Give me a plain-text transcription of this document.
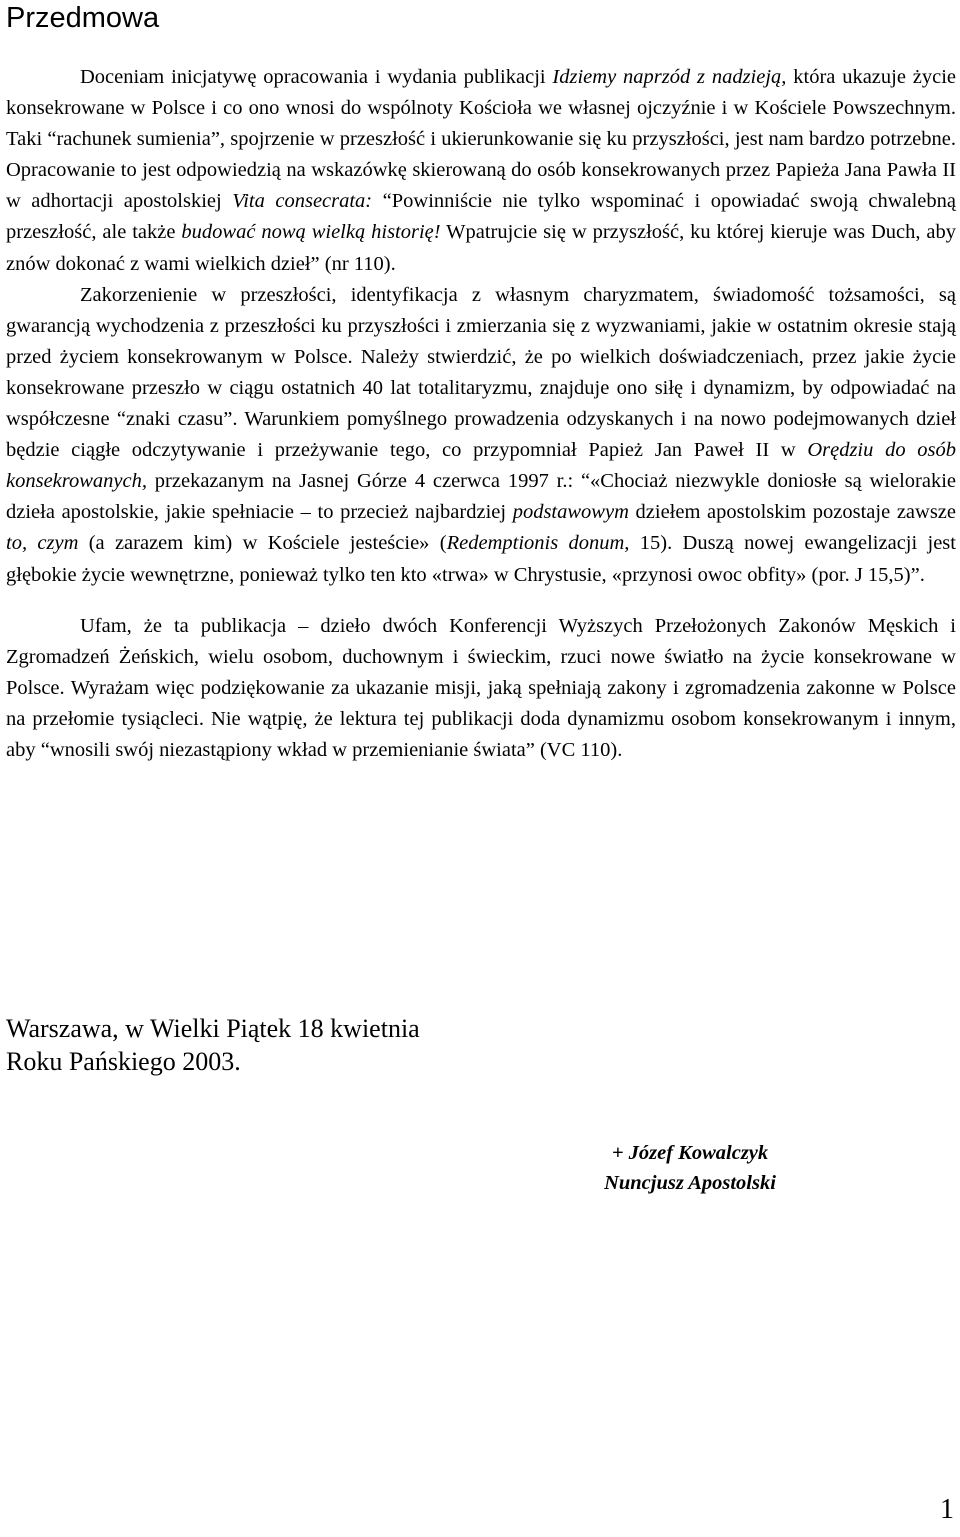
Przedmowa

Doceniam inicjatywę opracowania i wydania publikacji Idziemy naprzód z nadzieją, która ukazuje życie konsekrowane w Polsce i co ono wnosi do wspólnoty Kościoła we własnej ojczyźnie i w Kościele Powszechnym. Taki “rachunek sumienia”, spojrzenie w przeszłość i ukierunkowanie się ku przyszłości, jest nam bardzo potrzebne. Opracowanie to jest odpowiedzią na wskazówkę skierowaną do osób konsekrowanych przez Papieża Jana Pawła II w adhortacji apostolskiej Vita consecrata: “Powinniście nie tylko wspominać i opowiadać swoją chwalebną przeszłość, ale także budować nową wielką historię! Wpatrujcie się w przyszłość, ku której kieruje was Duch, aby znów dokonać z wami wielkich dzieł” (nr 110).

Zakorzenienie w przeszłości, identyfikacja z własnym charyzmatem, świadomość tożsamości, są gwarancją wychodzenia z przeszłości ku przyszłości i zmierzania się z wyzwaniami, jakie w ostatnim okresie stają przed życiem konsekrowanym w Polsce. Należy stwierdzić, że po wielkich doświadczeniach, przez jakie życie konsekrowane przeszło w ciągu ostatnich 40 lat totalitaryzmu, znajduje ono siłę i dynamizm, by odpowiadać na współczesne “znaki czasu”. Warunkiem pomyślnego prowadzenia odzyskanych i na nowo podejmowanych dzieł będzie ciągłe odczytywanie i przeżywanie tego, co przypomniał Papież Jan Paweł II w Orędziu do osób konsekrowanych, przekazanym na Jasnej Górze 4 czerwca 1997 r.: “«Chociaż niezwykle doniosłe są wielorakie dzieła apostolskie, jakie spełniacie – to przecież najbardziej podstawowym dziełem apostolskim pozostaje zawsze to, czym (a zarazem kim) w Kościele jesteście» (Redemptionis donum, 15). Duszą nowej ewangelizacji jest głębokie życie wewnętrzne, ponieważ tylko ten kto «trwa» w Chrystusie, «przynosi owoc obfity» (por. J 15,5)”.

Ufam, że ta publikacja – dzieło dwóch Konferencji Wyższych Przełożonych Zakonów Męskich i Zgromadzeń Żeńskich, wielu osobom, duchownym i świeckim, rzuci nowe światło na życie konsekrowane w Polsce. Wyrażam więc podziękowanie za ukazanie misji, jaką spełniają zakony i zgromadzenia zakonne w Polsce na przełomie tysiącleci. Nie wątpię, że lektura tej publikacji doda dynamizmu osobom konsekrowanym i innym, aby “wnosili swój niezastąpiony wkład w przemienianie świata” (VC 110).

Warszawa, w Wielki Piątek 18 kwietnia
Roku Pańskiego 2003.
+ Józef Kowalczyk
Nuncjusz Apostolski
1
